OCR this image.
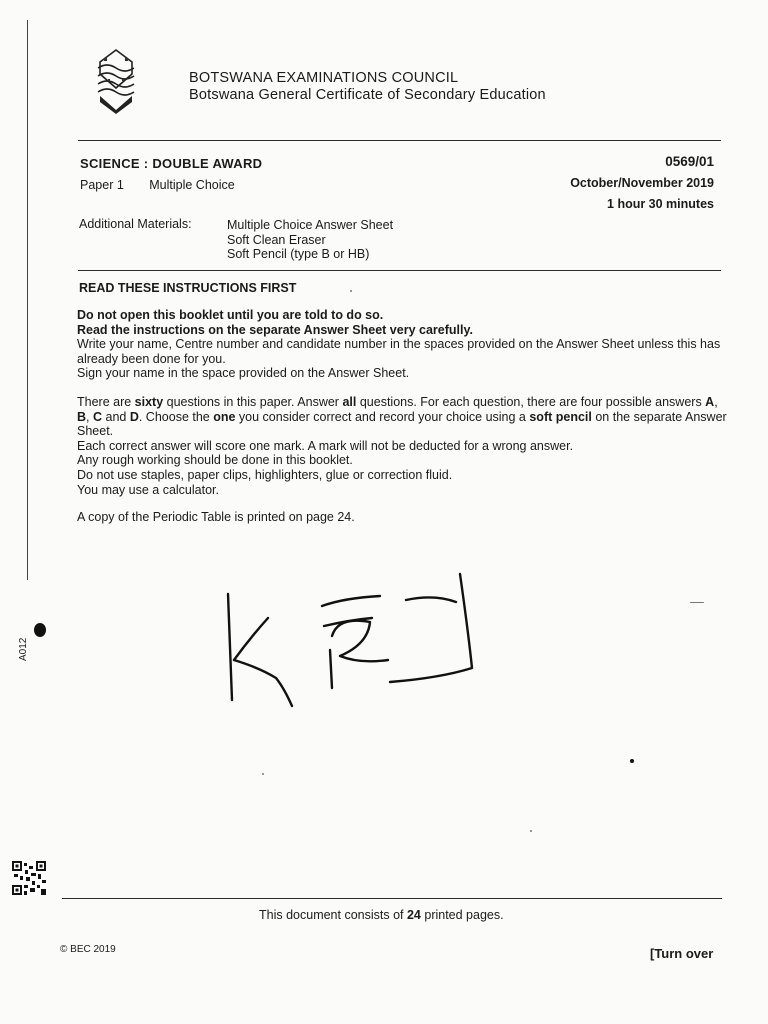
BOTSWANA EXAMINATIONS COUNCIL
Botswana General Certificate of Secondary Education
SCIENCE : DOUBLE AWARD	0569/01
Paper 1 Multiple Choice	October/November 2019
1 hour 30 minutes
Additional Materials:	Multiple Choice Answer Sheet
Soft Clean Eraser
Soft Pencil (type B or HB)
READ THESE INSTRUCTIONS FIRST
Do not open this booklet until you are told to do so.
Read the instructions on the separate Answer Sheet very carefully.
Write your name, Centre number and candidate number in the spaces provided on the Answer Sheet unless this has already been done for you.
Sign your name in the space provided on the Answer Sheet.
There are sixty questions in this paper. Answer all questions. For each question, there are four possible answers A, B, C and D. Choose the one you consider correct and record your choice using a soft pencil on the separate Answer Sheet.
Each correct answer will score one mark. A mark will not be deducted for a wrong answer.
Any rough working should be done in this booklet.
Do not use staples, paper clips, highlighters, glue or correction fluid.
You may use a calculator.
A copy of the Periodic Table is printed on page 24.
A012
This document consists of 24 printed pages.
© BEC 2019	[Turn over
